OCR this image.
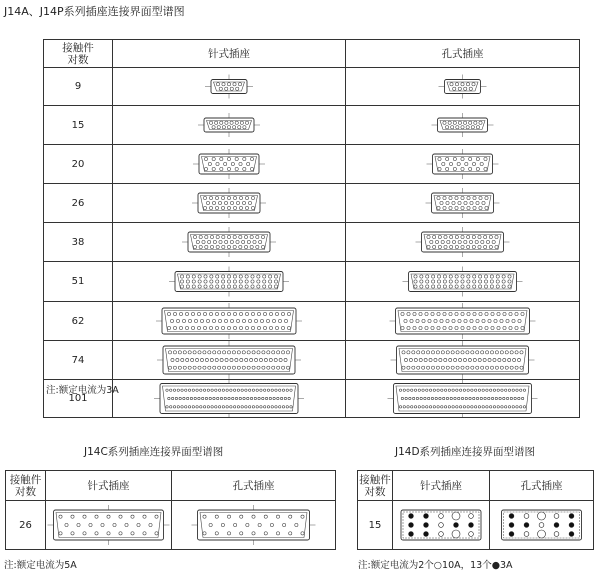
J14A、J14P系列插座连接界面型谱图
接触件对数	针式插座	孔式插座
9	

15	

20	

26	

38	

51	

62	

74	

101	

注:额定电流为3A
J14C系列插座连接界面型谱图
接触件对数	针式插座	孔式插座
26	

注:额定电流为5A
J14D系列插座连接界面型谱图
接触件对数	针式插座	孔式插座
15	

注:额定电流为2个○10A，13个●3A
